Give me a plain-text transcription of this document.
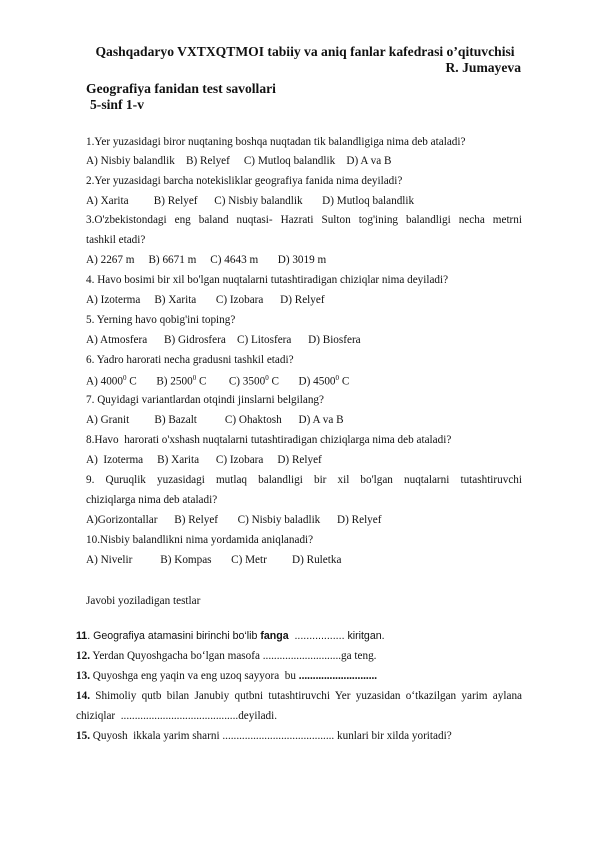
Qashqadaryo VXTXQTMOI tabiiy va aniq fanlar kafedrasi o’qituvchisi
R. Jumayeva
Geografiya fanidan test savollari
5-sinf 1-v
1.Yer yuzasidagi biror nuqtaning boshqa nuqtadan tik balandligiga nima deb ataladi?
A) Nisbiy balandlik    B) Relyef     C) Mutloq balandlik    D) A va B
2.Yer yuzasidagi barcha notekisliklar geografiya fanida nima deyiladi?
A) Xarita         B) Relyef      C) Nisbiy balandlik       D) Mutloq balandlik
3.O'zbekistondagi eng baland nuqtasi- Hazrati Sulton tog'ining balandligi necha metrni
tashkil etadi?
A) 2267 m     B) 6671 m     C) 4643 m       D) 3019 m
4. Havo bosimi bir xil bo'lgan nuqtalarni tutashtiradigan chiziqlar nima deyiladi?
A) Izoterma     B) Xarita       C) Izobara      D) Relyef
5. Yerning havo qobig'ini toping?
A) Atmosfera      B) Gidrosfera    C) Litosfera      D) Biosfera
6. Yadro harorati necha gradusni tashkil etadi?
A) 4000$^0$ C       B) 2500$^0$ C        C) 3500$^0$ C       D) 4500$^0$ C
7. Quyidagi variantlardan otqindi jinslarni belgilang?
A) Granit         B) Bazalt          C) Ohaktosh      D) A va B
8.Havo  harorati o'xshash nuqtalarni tutashtiradigan chiziqlarga nima deb ataladi?
A)  Izoterma     B) Xarita      C) Izobara     D) Relyef
9. Quruqlik yuzasidagi mutlaq balandligi bir xil bo'lgan nuqtalarni tutashtiruvchi
chiziqlarga nima deb ataladi?
A)Gorizontallar      B) Relyef       C) Nisbiy baladlik      D) Relyef
10.Nisbiy balandlikni nima yordamida aniqlanadi?
A) Nivelir          B) Kompas       C) Metr         D) Ruletka
Javobi yoziladigan testlar
11. Geografiya atamasini birinchi bo‘lib fanga  ................. kiritgan.
12. Yerdan Quyoshgacha bo‘lgan masofa ............................ga teng.
13. Quyoshga eng yaqin va eng uzoq sayyora  bu ............................
14. Shimoliy qutb bilan Janubiy qutbni tutashtiruvchi Yer yuzasidan o‘tkazilgan yarim aylana
chiziqlar  ..........................................deyiladi.
15. Quyosh  ikkala yarim sharni ........................................ kunlari bir xilda yoritadi?
